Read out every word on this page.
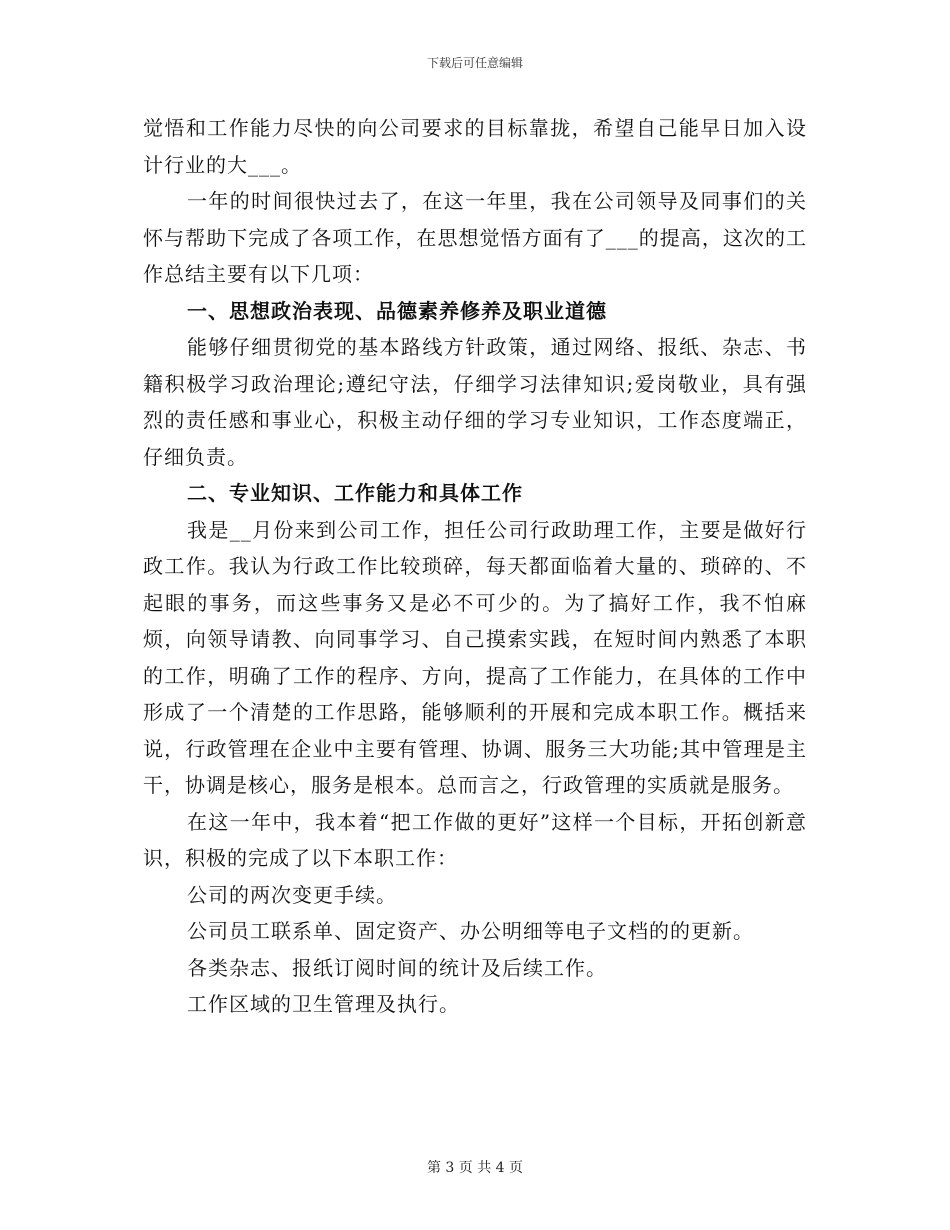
下载后可任意编辑

觉悟和工作能力尽快的向公司要求的目标靠拢，希望自己能早日加入设计行业的大___。

一年的时间很快过去了，在这一年里，我在公司领导及同事们的关怀与帮助下完成了各项工作，在思想觉悟方面有了___的提高，这次的工作总结主要有以下几项：

一、思想政治表现、品德素养修养及职业道德

能够仔细贯彻党的基本路线方针政策，通过网络、报纸、杂志、书籍积极学习政治理论;遵纪守法，仔细学习法律知识;爱岗敬业，具有强烈的责任感和事业心，积极主动仔细的学习专业知识，工作态度端正，仔细负责。

二、专业知识、工作能力和具体工作

我是__月份来到公司工作，担任公司行政助理工作，主要是做好行政工作。我认为行政工作比较琐碎，每天都面临着大量的、琐碎的、不起眼的事务，而这些事务又是必不可少的。为了搞好工作，我不怕麻烦，向领导请教、向同事学习、自己摸索实践，在短时间内熟悉了本职的工作，明确了工作的程序、方向，提高了工作能力，在具体的工作中形成了一个清楚的工作思路，能够顺利的开展和完成本职工作。概括来说，行政管理在企业中主要有管理、协调、服务三大功能;其中管理是主干，协调是核心，服务是根本。总而言之，行政管理的实质就是服务。

在这一年中，我本着“把工作做的更好”这样一个目标，开拓创新意识，积极的完成了以下本职工作：

公司的两次变更手续。

公司员工联系单、固定资产、办公明细等电子文档的的更新。

各类杂志、报纸订阅时间的统计及后续工作。

工作区域的卫生管理及执行。

第 3 页 共 4 页
